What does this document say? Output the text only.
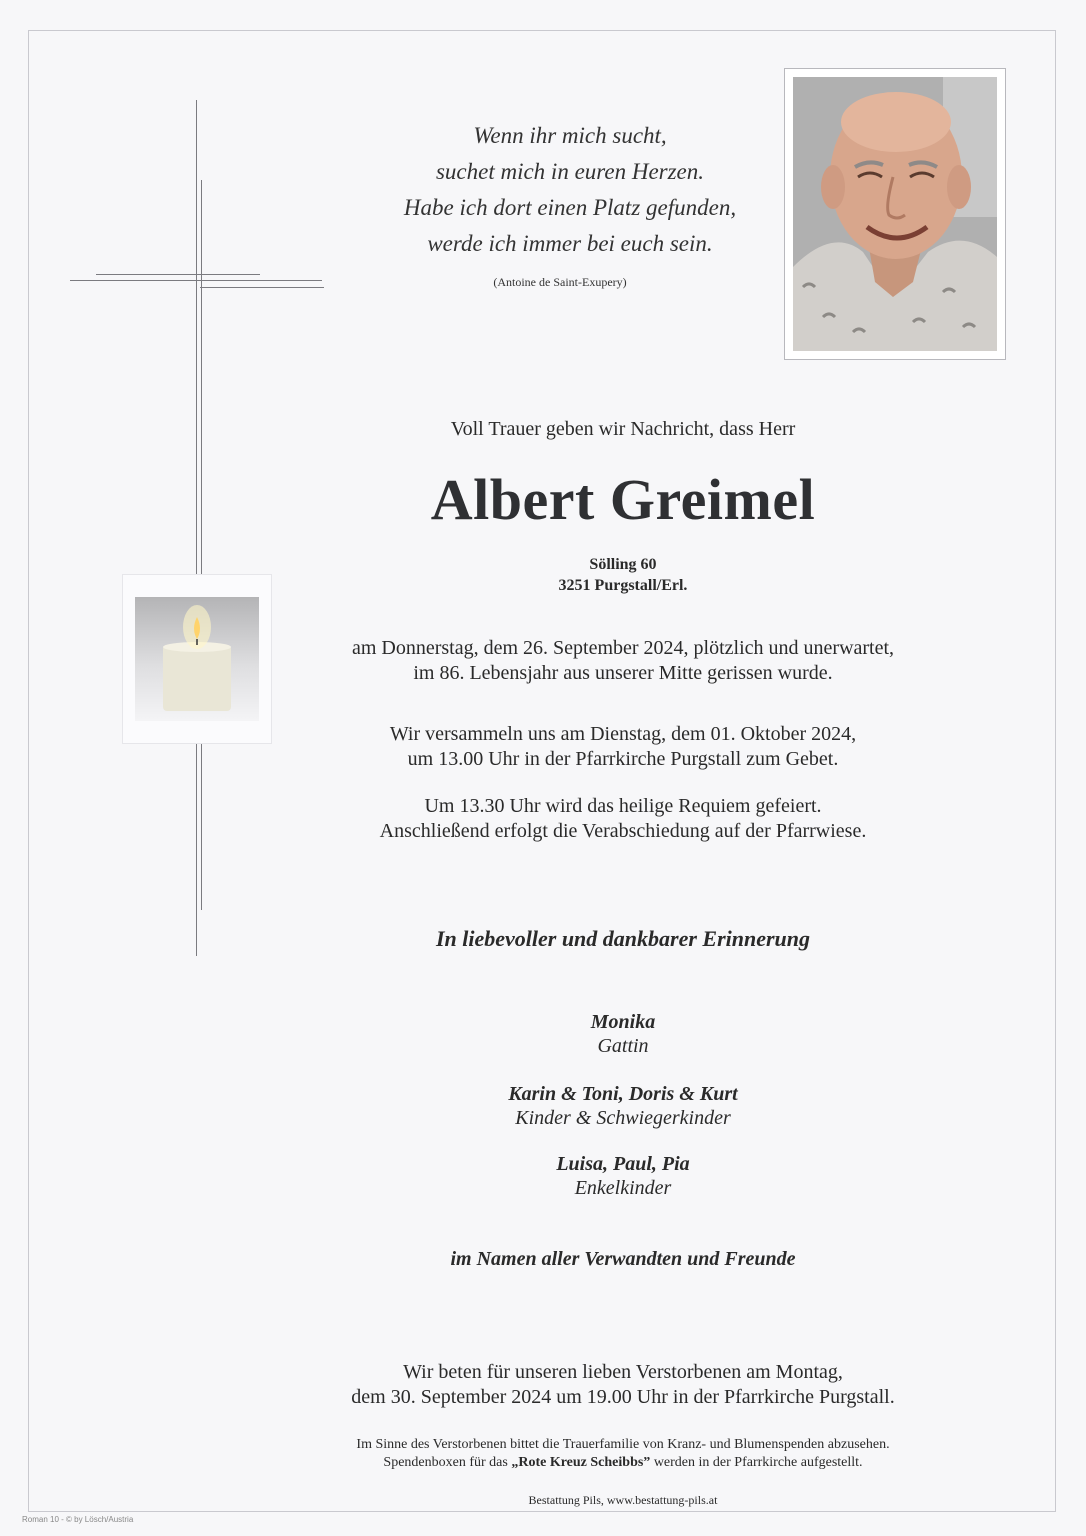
Wenn ihr mich sucht,
suchet mich in euren Herzen.
Habe ich dort einen Platz gefunden,
werde ich immer bei euch sein.
(Antoine de Saint-Exupery)
Voll Trauer geben wir Nachricht, dass Herr
Albert Greimel
Sölling 60
3251 Purgstall/Erl.
am Donnerstag, dem 26. September 2024, plötzlich und unerwartet,
im 86. Lebensjahr aus unserer Mitte gerissen wurde.
Wir versammeln uns am Dienstag, dem 01. Oktober 2024,
um 13.00 Uhr in der Pfarrkirche Purgstall zum Gebet.
Um 13.30 Uhr wird das heilige Requiem gefeiert.
Anschließend erfolgt die Verabschiedung auf der Pfarrwiese.
In liebevoller und dankbarer Erinnerung
Monika
Gattin
Karin & Toni, Doris & Kurt
Kinder & Schwiegerkinder
Luisa, Paul, Pia
Enkelkinder
im Namen aller Verwandten und Freunde
Wir beten für unseren lieben Verstorbenen am Montag,
dem 30. September 2024 um 19.00 Uhr in der Pfarrkirche Purgstall.
Im Sinne des Verstorbenen bittet die Trauerfamilie von Kranz- und Blumenspenden abzusehen.
Spendenboxen für das „Rote Kreuz Scheibbs” werden in der Pfarrkirche aufgestellt.
Bestattung Pils, www.bestattung-pils.at
Roman 10 - © by Lösch/Austria
